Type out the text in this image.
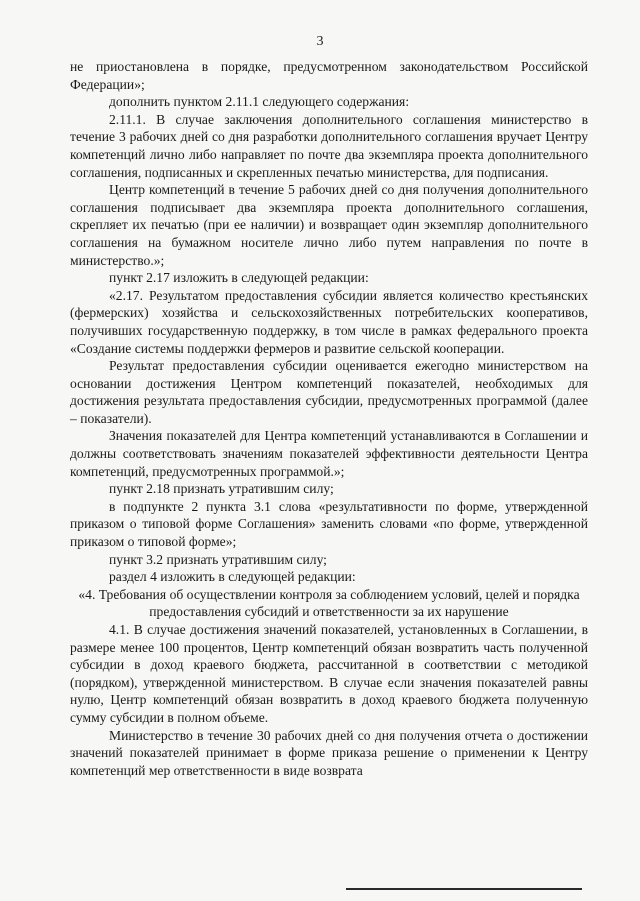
3

не приостановлена в порядке, предусмотренном законодательством Российской Федерации»;

дополнить пунктом 2.11.1 следующего содержания:

2.11.1. В случае заключения дополнительного соглашения министерство в течение 3 рабочих дней со дня разработки дополнительного соглашения вручает Центру компетенций лично либо направляет по почте два экземпляра проекта дополнительного соглашения, подписанных и скрепленных печатью министерства, для подписания.

Центр компетенций в течение 5 рабочих дней со дня получения дополнительного соглашения подписывает два экземпляра проекта дополнительного соглашения, скрепляет их печатью (при ее наличии) и возвращает один экземпляр дополнительного соглашения на бумажном носителе лично либо путем направления по почте в министерство.»;

пункт 2.17 изложить в следующей редакции:

«2.17. Результатом предоставления субсидии является количество крестьянских (фермерских) хозяйства и сельскохозяйственных потребительских кооперативов, получивших государственную поддержку, в том числе в рамках федерального проекта «Создание системы поддержки фермеров и развитие сельской кооперации.

Результат предоставления субсидии оценивается ежегодно министерством на основании достижения Центром компетенций показателей, необходимых для достижения результата предоставления субсидии, предусмотренных программой (далее – показатели).

Значения показателей для Центра компетенций устанавливаются в Соглашении и должны соответствовать значениям показателей эффективности деятельности Центра компетенций, предусмотренных программой.»;

пункт 2.18 признать утратившим силу;

в подпункте 2 пункта 3.1 слова «результативности по форме, утвержденной приказом о типовой форме Соглашения» заменить словами «по форме, утвержденной приказом о типовой форме»;

пункт 3.2 признать утратившим силу;

раздел 4 изложить в следующей редакции:

«4. Требования об осуществлении контроля за соблюдением условий, целей и порядка предоставления субсидий и ответственности за их нарушение

4.1. В случае достижения значений показателей, установленных в Соглашении, в размере менее 100 процентов, Центр компетенций обязан возвратить часть полученной субсидии в доход краевого бюджета, рассчитанной в соответствии с методикой (порядком), утвержденной министерством. В случае если значения показателей равны нулю, Центр компетенций обязан возвратить в доход краевого бюджета полученную сумму субсидии в полном объеме.

Министерство в течение 30 рабочих дней со дня получения отчета о достижении значений показателей принимает в форме приказа решение о применении к Центру компетенций мер ответственности в виде возврата
